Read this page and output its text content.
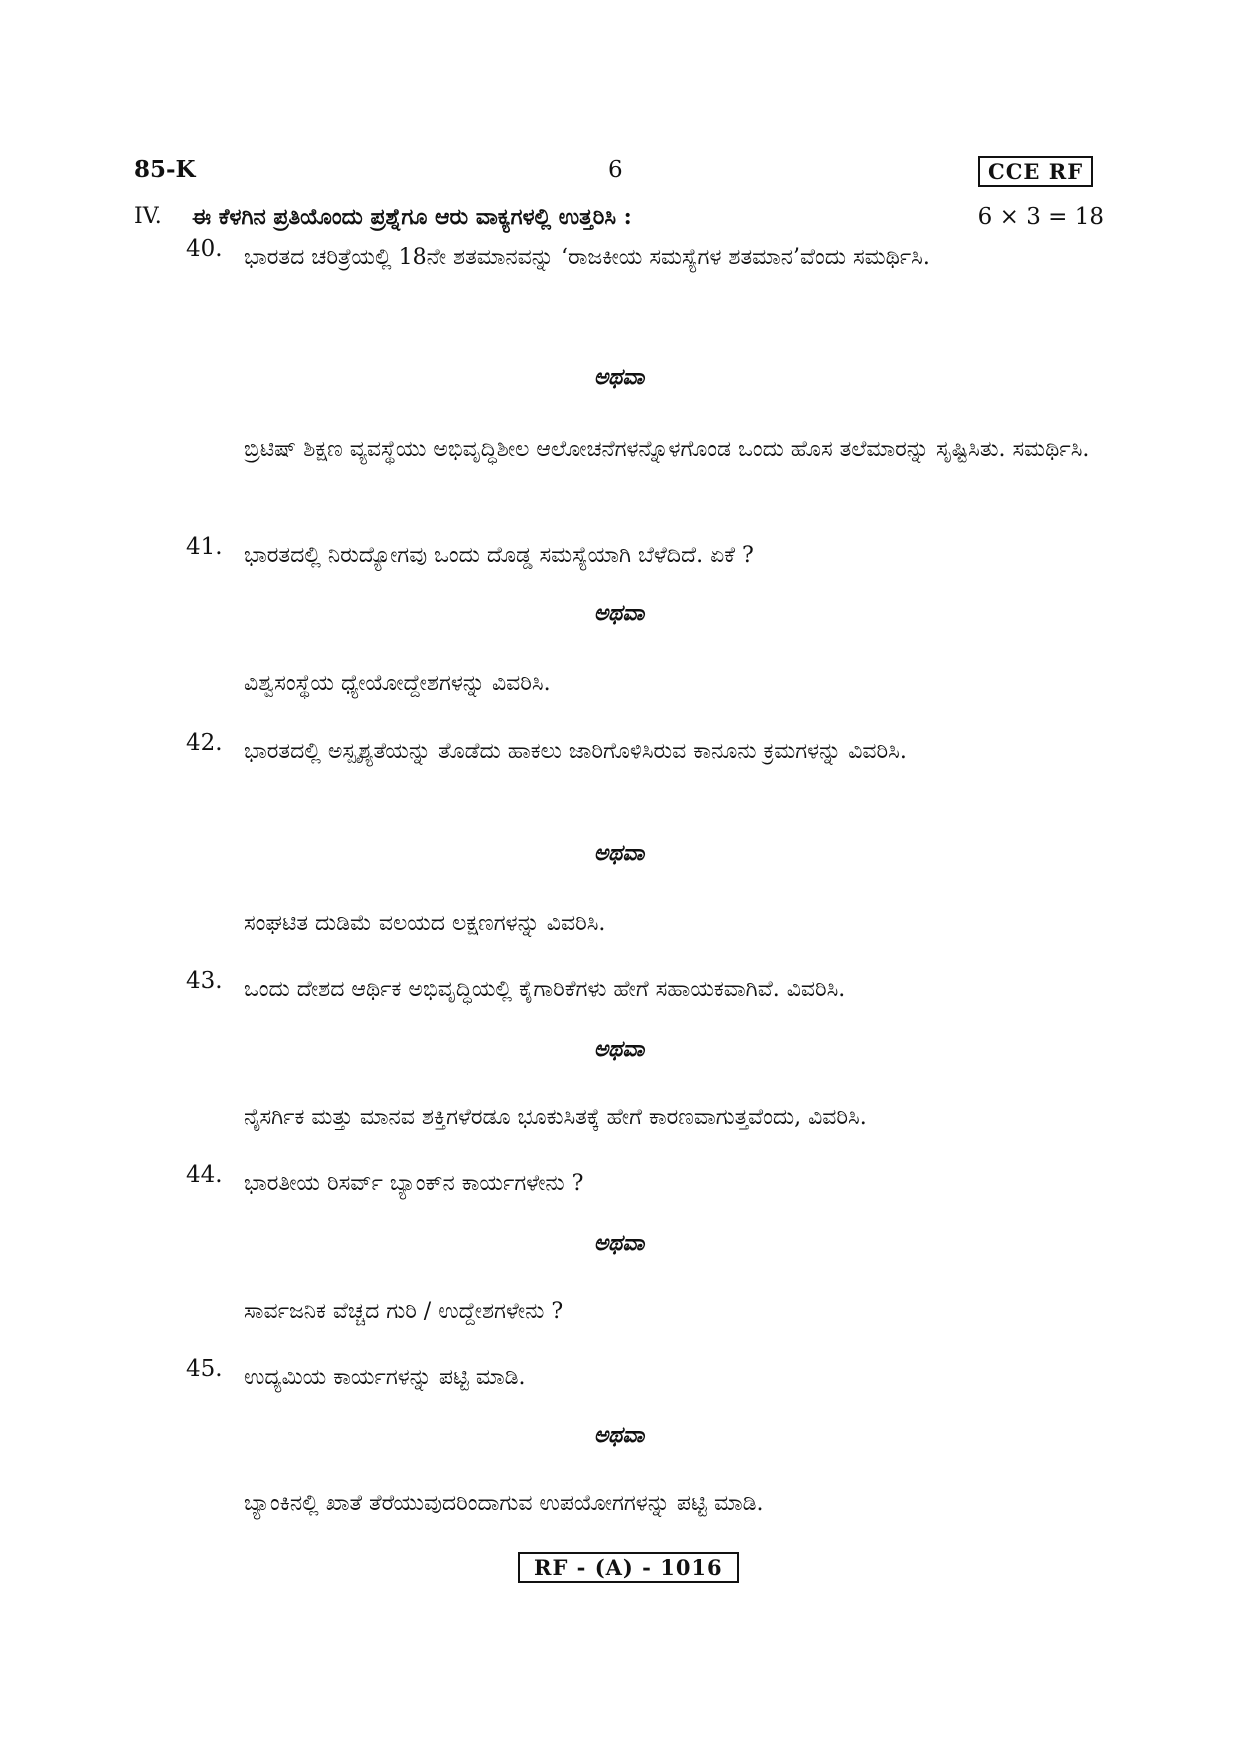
85-K	6	CCE RF
IV. ಈ ಕೆಳಗಿನ ಪ್ರತಿಯೊಂದು ಪ್ರಶ್ನೆಗೂ ಆರು ವಾಕ್ಯಗಳಲ್ಲಿ ಉತ್ತರಿಸಿ :	6 × 3 = 18
40. ಭಾರತದ ಚರಿತ್ರೆಯಲ್ಲಿ 18ನೇ ಶತಮಾನವನ್ನು ‘ರಾಜಕೀಯ ಸಮಸ್ಯೆಗಳ ಶತಮಾನ’ವೆಂದು ಸಮರ್ಥಿಸಿ.
ಅಥವಾ
ಬ್ರಿಟಿಷ್ ಶಿಕ್ಷಣ ವ್ಯವಸ್ಥೆಯು ಅಭಿವೃದ್ಧಿಶೀಲ ಆಲೋಚನೆಗಳನ್ನೊಳಗೊಂಡ ಒಂದು ಹೊಸ ತಲೆಮಾರನ್ನು ಸೃಷ್ಟಿಸಿತು. ಸಮರ್ಥಿಸಿ.
41. ಭಾರತದಲ್ಲಿ ನಿರುದ್ಯೋಗವು ಒಂದು ದೊಡ್ಡ ಸಮಸ್ಯೆಯಾಗಿ ಬೆಳೆದಿದೆ. ಏಕೆ ?
ಅಥವಾ
ವಿಶ್ವಸಂಸ್ಥೆಯ ಧ್ಯೇಯೋದ್ದೇಶಗಳನ್ನು ವಿವರಿಸಿ.
42. ಭಾರತದಲ್ಲಿ ಅಸ್ಪೃಶ್ಯತೆಯನ್ನು ತೊಡೆದು ಹಾಕಲು ಜಾರಿಗೊಳಿಸಿರುವ ಕಾನೂನು ಕ್ರಮಗಳನ್ನು ವಿವರಿಸಿ.
ಅಥವಾ
ಸಂಘಟಿತ ದುಡಿಮೆ ವಲಯದ ಲಕ್ಷಣಗಳನ್ನು ವಿವರಿಸಿ.
43. ಒಂದು ದೇಶದ ಆರ್ಥಿಕ ಅಭಿವೃದ್ಧಿಯಲ್ಲಿ ಕೈಗಾರಿಕೆಗಳು ಹೇಗೆ ಸಹಾಯಕವಾಗಿವೆ. ವಿವರಿಸಿ.
ಅಥವಾ
ನೈಸರ್ಗಿಕ ಮತ್ತು ಮಾನವ ಶಕ್ತಿಗಳೆರಡೂ ಭೂಕುಸಿತಕ್ಕೆ ಹೇಗೆ ಕಾರಣವಾಗುತ್ತವೆಂದು, ವಿವರಿಸಿ.
44. ಭಾರತೀಯ ರಿಸರ್ವ್ ಬ್ಯಾಂಕ್‌ನ ಕಾರ್ಯಗಳೇನು ?
ಅಥವಾ
ಸಾರ್ವಜನಿಕ ವೆಚ್ಚದ ಗುರಿ / ಉದ್ದೇಶಗಳೇನು ?
45. ಉದ್ಯಮಿಯ ಕಾರ್ಯಗಳನ್ನು ಪಟ್ಟಿ ಮಾಡಿ.
ಅಥವಾ
ಬ್ಯಾಂಕಿನಲ್ಲಿ ಖಾತೆ ತೆರೆಯುವುದರಿಂದಾಗುವ ಉಪಯೋಗಗಳನ್ನು ಪಟ್ಟಿ ಮಾಡಿ.
RF - (A) - 1016
